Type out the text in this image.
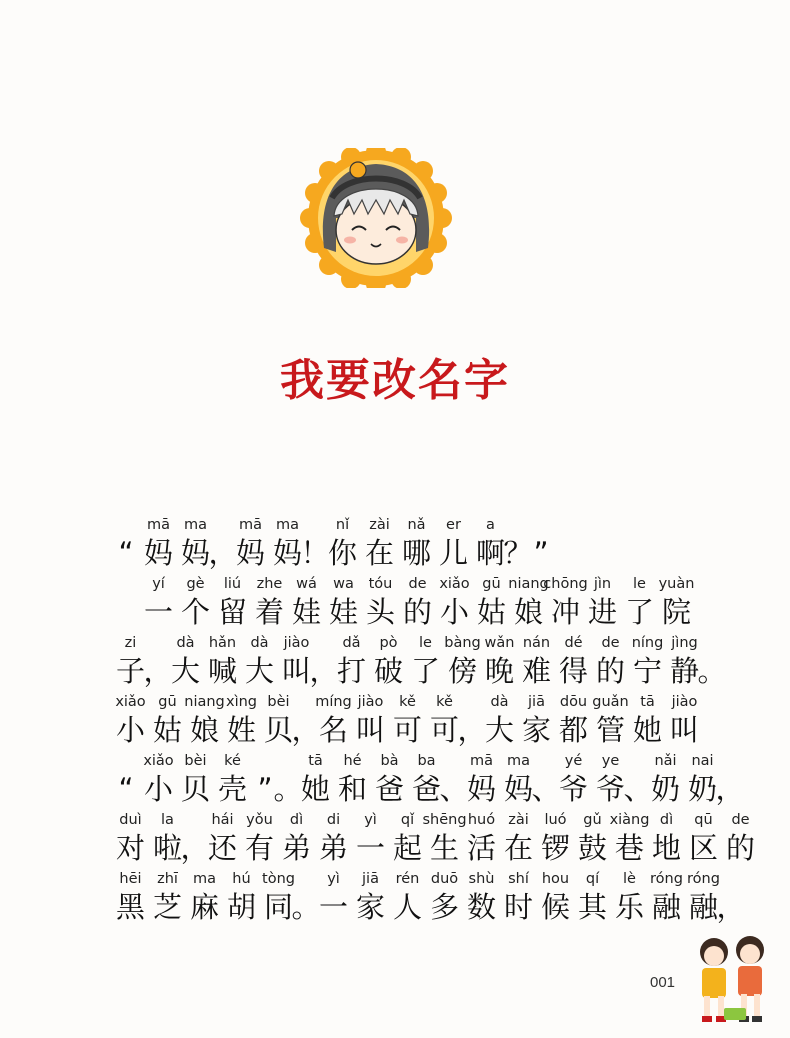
我要改名字
“
mā
妈
ma
妈
，
mā
妈
ma
妈
！
nǐ
你
zài
在
nǎ
哪
er
儿
a
啊
？ ”
yí
一
gè
个
liú
留
zhe
着
wá
娃
wa
娃
tóu
头
de
的
xiǎo
小
gū
姑
niang
娘
chōng
冲
jìn
进
le
了
yuàn
院
zi
子
，
dà
大
hǎn
喊
dà
大
jiào
叫
，
dǎ
打
pò
破
le
了
bàng
傍
wǎn
晚
nán
难
dé
得
de
的
níng
宁
jìng
静
。
xiǎo
小
gū
姑
niang
娘
xìng
姓
bèi
贝
，
míng
名
jiào
叫
kě
可
kě
可
，
dà
大
jiā
家
dōu
都
guǎn
管
tā
她
jiào
叫
“
xiǎo
小
bèi
贝
ké
壳 ” 。
tā
她
hé
和
bà
爸
ba
爸
、
mā
妈
ma
妈
、
yé
爷
ye
爷
、
nǎi
奶
nai
奶
，
duì
对
la
啦
，
hái
还
yǒu
有
dì
弟
di
弟
yì
一
qǐ
起
shēng
生
huó
活
zài
在
luó
锣
gǔ
鼓
xiàng
巷
dì
地
qū
区
de
的
hēi
黑
zhī
芝
ma
麻
hú
胡
tòng
同
。
yì
一
jiā
家
rén
人
duō
多
shù
数
shí
时
hou
候
qí
其
lè
乐
róng
融
róng
融
，
001
